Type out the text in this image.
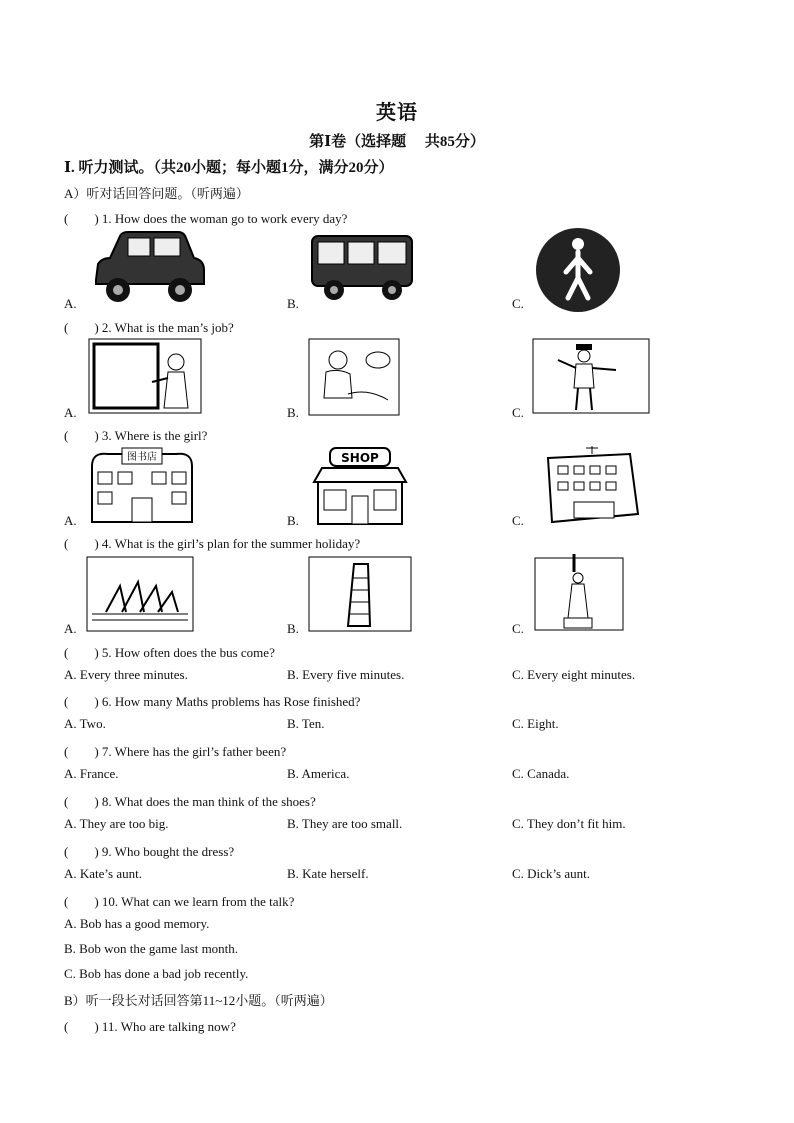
英语
第Ⅰ卷（选择题　 共85分）
Ⅰ. 听力测试。（共20小题；每小题1分，满分20分）
A）听对话回答问题。（听两遍）
(　　) 1. How does the woman go to work every day?
A.	B.	C.
(　　) 2. What is the man’s job?
A.	B.	C.
(　　) 3. Where is the girl?
图书店	SHOP
A.	B.	C.
(　　) 4. What is the girl’s plan for the summer holiday?
A.	B.	C.
(　　) 5. How often does the bus come?
A. Every three minutes.	B. Every five minutes.	C. Every eight minutes.
(　　) 6. How many Maths problems has Rose finished?
A. Two.	B. Ten.	C. Eight.
(　　) 7. Where has the girl’s father been?
A. France.	B. America.	C. Canada.
(　　) 8. What does the man think of the shoes?
A. They are too big.	B. They are too small.	C. They don’t fit him.
(　　) 9. Who bought the dress?
A. Kate’s aunt.	B. Kate herself.	C. Dick’s aunt.
(　　) 10. What can we learn from the talk?
A. Bob has a good memory.
B. Bob won the game last month.
C. Bob has done a bad job recently.
B）听一段长对话回答第11~12小题。（听两遍）
(　　) 11. Who are talking now?
